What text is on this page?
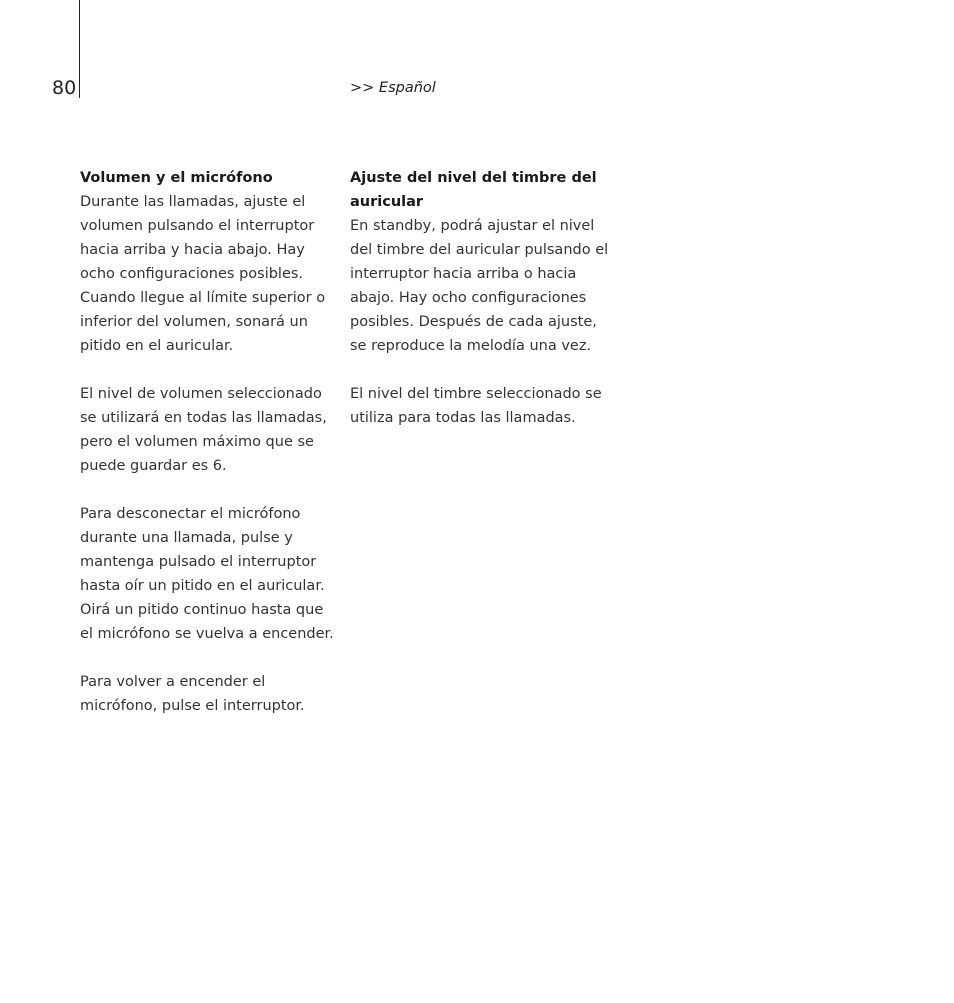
80	>> Español

Volumen y el micrófono

Durante las llamadas, ajuste el
volumen pulsando el interruptor
hacia arriba y hacia abajo. Hay
ocho configuraciones posibles.
Cuando llegue al límite superior o
inferior del volumen, sonará un
pitido en el auricular.

El nivel de volumen seleccionado
se utilizará en todas las llamadas,
pero el volumen máximo que se
puede guardar es 6.

Para desconectar el micrófono
durante una llamada, pulse y
mantenga pulsado el interruptor
hasta oír un pitido en el auricular.
Oirá un pitido continuo hasta que
el micrófono se vuelva a encender.

Para volver a encender el
micrófono, pulse el interruptor.

Ajuste del nivel del timbre del
auricular

En standby, podrá ajustar el nivel
del timbre del auricular pulsando el
interruptor hacia arriba o hacia
abajo. Hay ocho configuraciones
posibles. Después de cada ajuste,
se reproduce la melodía una vez.

El nivel del timbre seleccionado se
utiliza para todas las llamadas.
